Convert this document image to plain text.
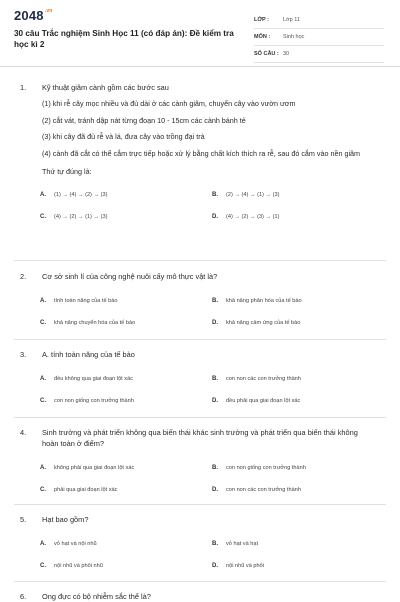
$2048^{.vn}$
30 câu Trắc nghiệm Sinh Học 11 (có đáp án): Đề kiểm tra học kì 2
LỚP :	Lớp 11
MÔN :	Sinh học
SỐ CÂU : 30
1.	Kỹ thuật giâm cành gồm các bước sau
(1) khi rễ cây mọc nhiều và đủ dài ở các cành giâm, chuyển cây vào vườn ươm
(2) cắt vát, tránh dập nát từng đoạn 10 - 15cm các cành bánh tẻ
(3) khi cây đã đủ rễ và lá, đưa cây vào trồng đại trà
(4) cành đã cắt có thể cắm trực tiếp hoặc xử lý bằng chất kích thích ra rễ, sau đó cắm vào nền giâm
Thứ tự đúng là:
A.	(1) → (4) → (2) → (3)	B.	(2) → (4) → (1) → (3)
C.	(4) → (2) → (1) → (3)	D.	(4) → (2) → (3) → (1)
2.	Cơ sở sinh lí của công nghệ nuôi cấy mô thực vật là?
A.	tính toàn năng của tế bào	B.	khả năng phân hóa của tế bào
C.	khả năng chuyển hóa của tế bào	D.	khả năng cảm ứng của tế bào
3.	A. tính toàn năng của tế bào
A.	đều không qua giai đoạn lột xác	B.	con non các con trưởng thành
C.	con non giống con trưởng thành	D.	đều phải qua giai đoạn lột xác
4.	Sinh trưởng và phát triển không qua biến thái khác sinh trưởng và phát triển qua biến thái không hoàn toàn ở điểm?
A.	không phải qua giai đoạn lột xác	B.	con non giống con trưởng thành
C.	phải qua giai đoạn lột xác	D.	con non các con trưởng thành
5.	Hạt bao gồm?
A.	vỏ hạt và nội nhũ	B.	vỏ hạt và hạt
C.	nội nhũ và phôi nhũ	D.	nội nhũ và phôi
6.	Ong đực có bộ nhiễm sắc thể là?
